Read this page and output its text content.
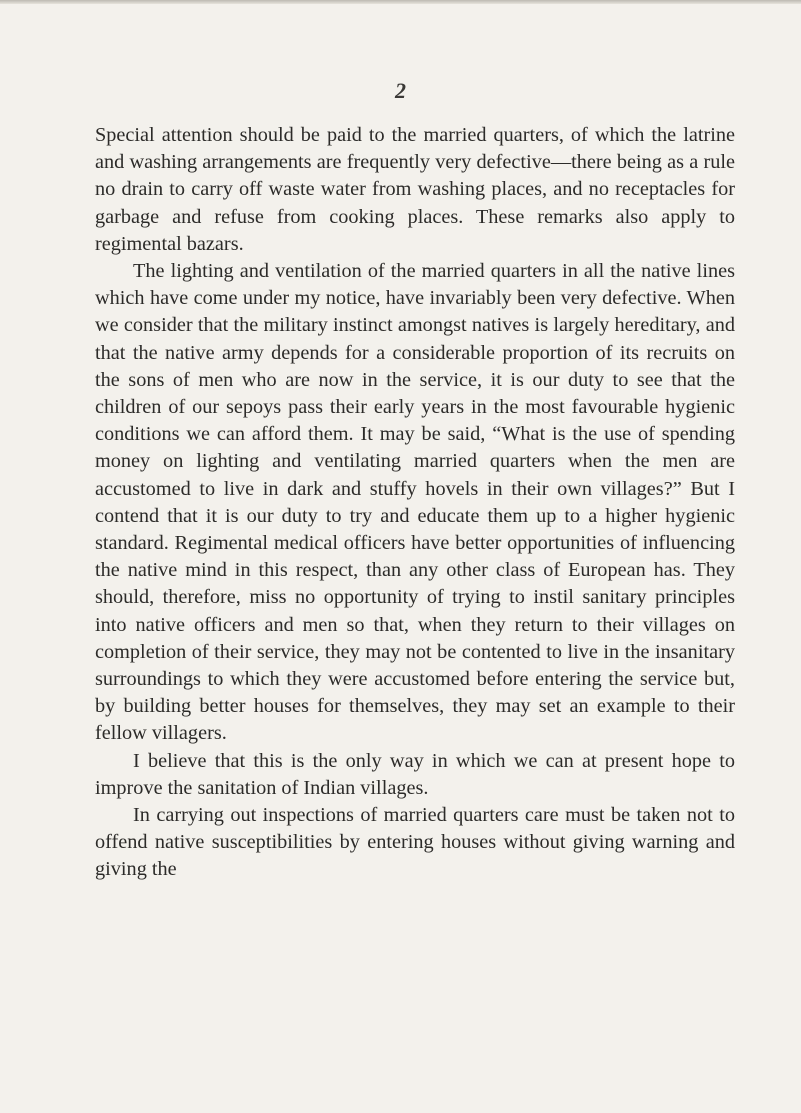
2

Special attention should be paid to the married quarters, of which the latrine and washing arrangements are frequently very defective—there being as a rule no drain to carry off waste water from washing places, and no receptacles for garbage and refuse from cooking places. These remarks also apply to regimental bazars.

The lighting and ventilation of the married quarters in all the native lines which have come under my notice, have invariably been very defective. When we consider that the military instinct amongst natives is largely hereditary, and that the native army depends for a considerable proportion of its recruits on the sons of men who are now in the service, it is our duty to see that the children of our sepoys pass their early years in the most favourable hygienic conditions we can afford them. It may be said, “What is the use of spending money on lighting and ventilating married quarters when the men are accustomed to live in dark and stuffy hovels in their own villages?” But I contend that it is our duty to try and educate them up to a higher hygienic standard. Regimental medical officers have better opportunities of influencing the native mind in this respect, than any other class of European has. They should, therefore, miss no opportunity of trying to instil sanitary principles into native officers and men so that, when they return to their villages on completion of their service, they may not be contented to live in the insanitary surroundings to which they were accustomed before entering the service but, by building better houses for themselves, they may set an example to their fellow villagers.

I believe that this is the only way in which we can at present hope to improve the sanitation of Indian villages.

In carrying out inspections of married quarters care must be taken not to offend native susceptibilities by entering houses without giving warning and giving the
